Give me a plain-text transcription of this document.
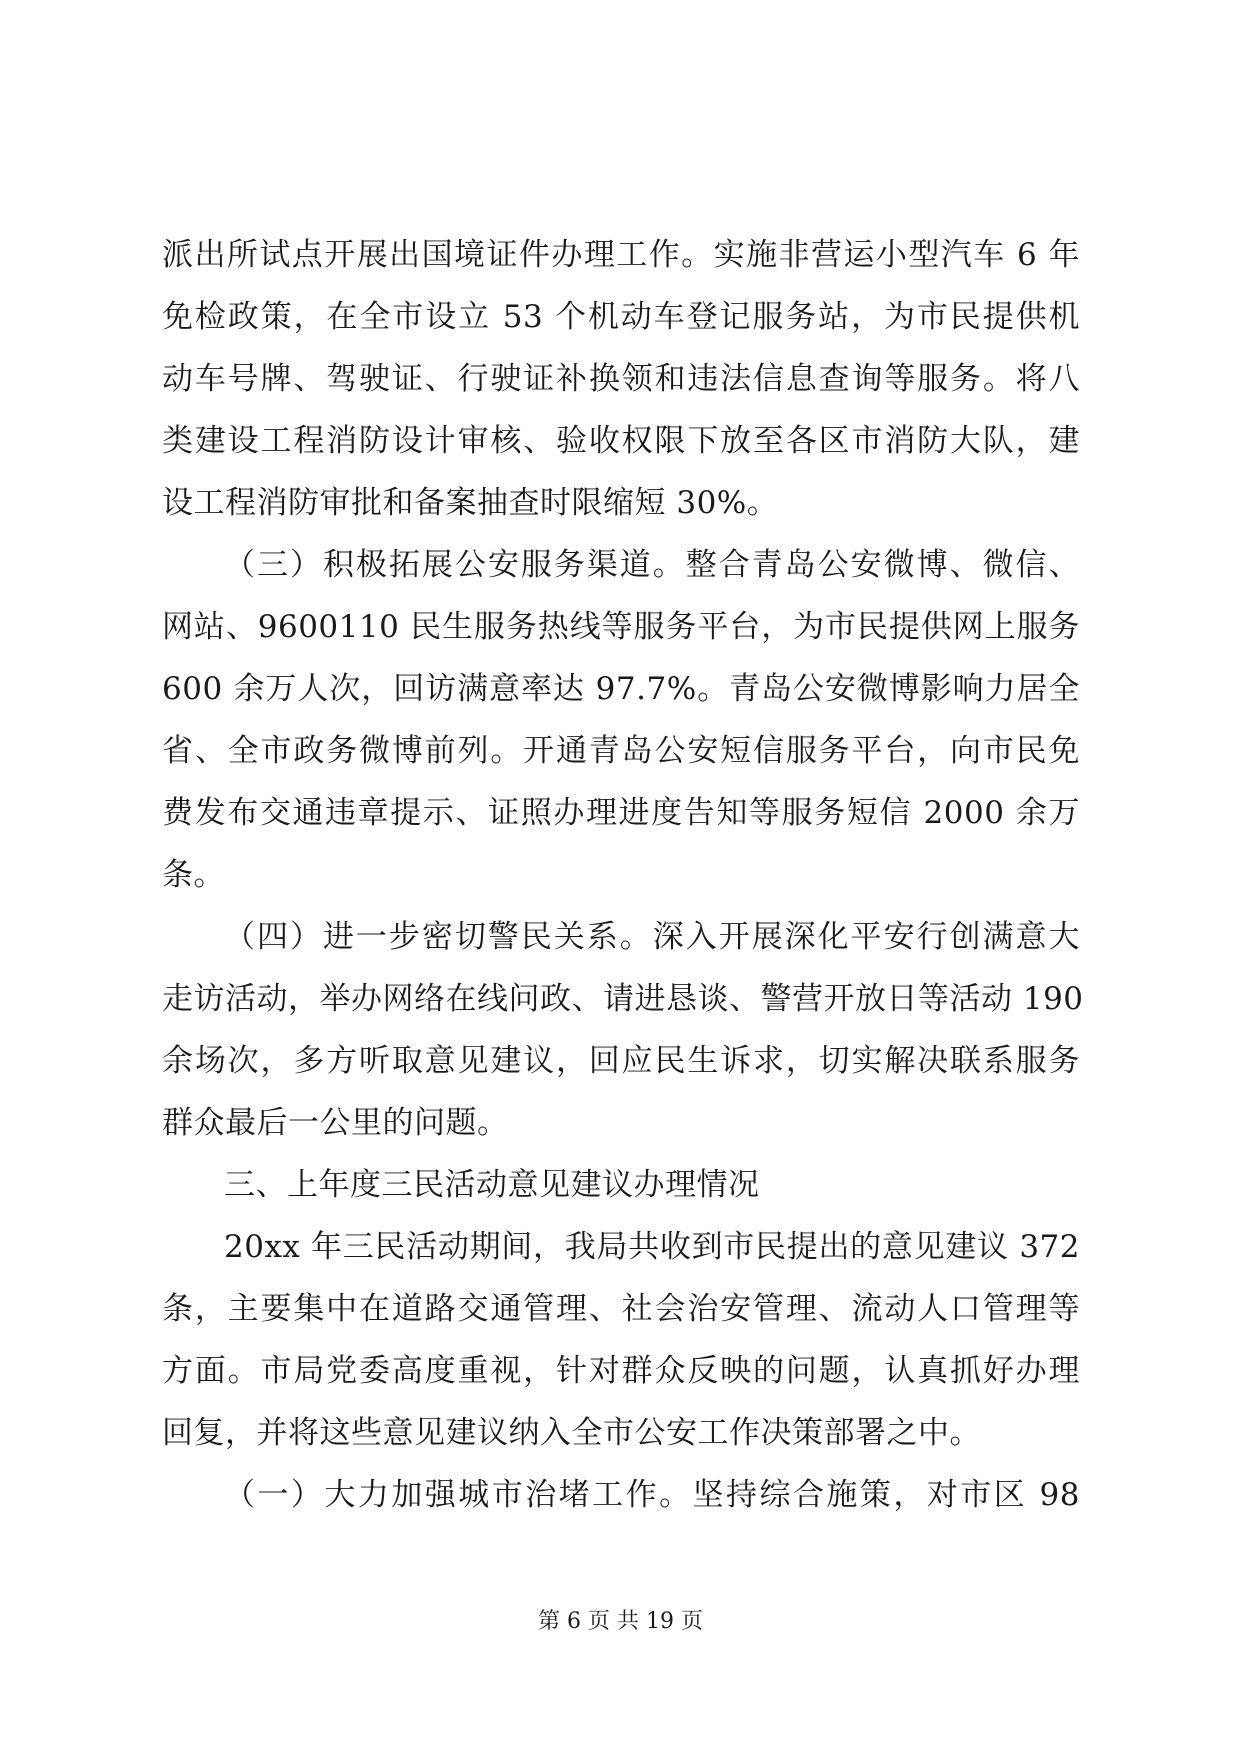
派出所试点开展出国境证件办理工作。实施非营运小型汽车 6 年
免检政策，在全市设立 53 个机动车登记服务站，为市民提供机
动车号牌、驾驶证、行驶证补换领和违法信息查询等服务。将八
类建设工程消防设计审核、验收权限下放至各区市消防大队，建
设工程消防审批和备案抽查时限缩短 30%。
（三）积极拓展公安服务渠道。整合青岛公安微博、微信、
网站、9600110 民生服务热线等服务平台，为市民提供网上服务
600 余万人次，回访满意率达 97.7%。青岛公安微博影响力居全
省、全市政务微博前列。开通青岛公安短信服务平台，向市民免
费发布交通违章提示、证照办理进度告知等服务短信 2000 余万
条。
（四）进一步密切警民关系。深入开展深化平安行创满意大
走访活动，举办网络在线问政、请进恳谈、警营开放日等活动 190
余场次，多方听取意见建议，回应民生诉求，切实解决联系服务
群众最后一公里的问题。
三、上年度三民活动意见建议办理情况
20xx 年三民活动期间，我局共收到市民提出的意见建议 372
条，主要集中在道路交通管理、社会治安管理、流动人口管理等
方面。市局党委高度重视，针对群众反映的问题，认真抓好办理
回复，并将这些意见建议纳入全市公安工作决策部署之中。
（一）大力加强城市治堵工作。坚持综合施策，对市区 98
第 6 页 共 19 页
